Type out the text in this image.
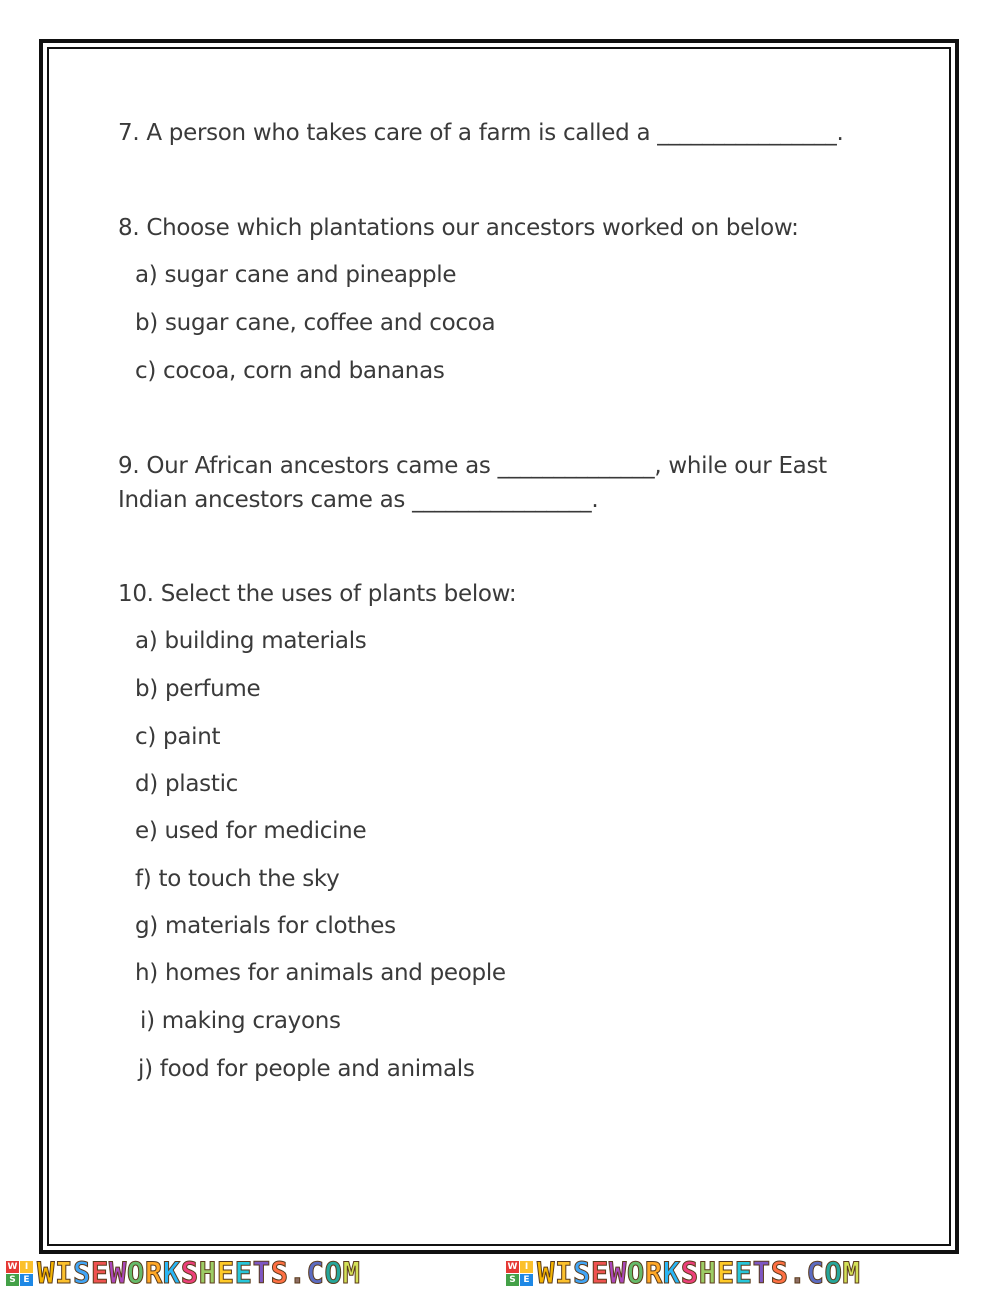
7. A person who takes care of a farm is called a ________________.
8. Choose which plantations our ancestors worked on below:
a) sugar cane and pineapple
b) sugar cane, coffee and cocoa
c) cocoa, corn and bananas
9. Our African ancestors came as ______________, while our East
Indian ancestors came as ________________.
10. Select the uses of plants below:
a) building materials
b) perfume
c) paint
d) plastic
e) used for medicine
f) to touch the sky
g) materials for clothes
h) homes for animals and people
i) making crayons
j) food for people and animals
W I
S E WISEWORKSHEETS.COM	W I
S E WISEWORKSHEETS.COM
